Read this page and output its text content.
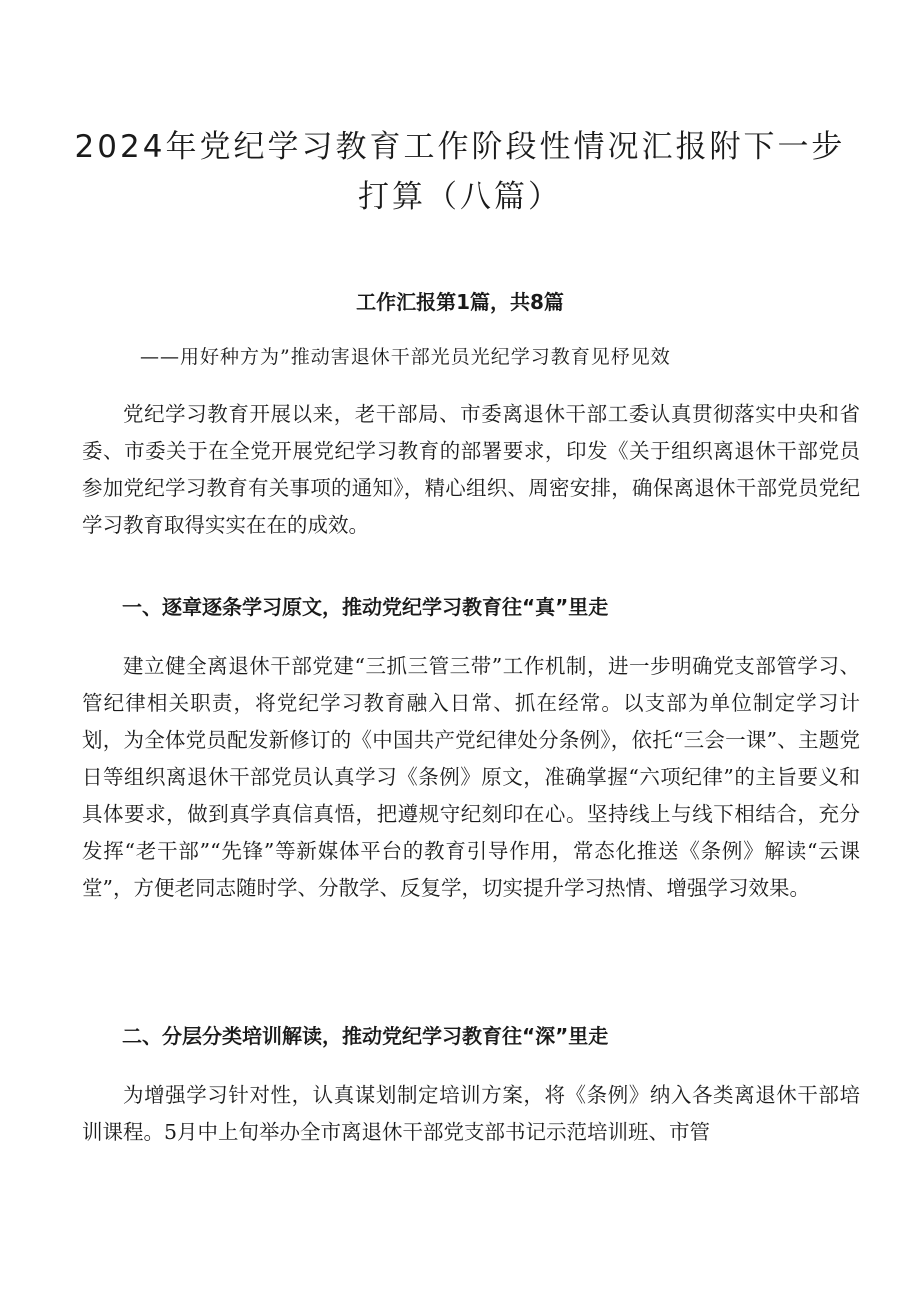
2024年党纪学习教育工作阶段性情况汇报附下一步
打算（八篇）
工作汇报第1篇，共8篇

——用好种方为”推动害退休干部光员光纪学习教育见杼见效

党纪学习教育开展以来，老干部局、市委离退休干部工委认真贯彻落实中央和省委、市委关于在全党开展党纪学习教育的部署要求，印发《关于组织离退休干部党员参加党纪学习教育有关事项的通知》，精心组织、周密安排，确保离退休干部党员党纪学习教育取得实实在在的成效。

一、逐章逐条学习原文，推动党纪学习教育往“真”里走

建立健全离退休干部党建“三抓三管三带”工作机制，进一步明确党支部管学习、管纪律相关职责，将党纪学习教育融入日常、抓在经常。以支部为单位制定学习计划，为全体党员配发新修订的《中国共产党纪律处分条例》，依托“三会一课”、主题党日等组织离退休干部党员认真学习《条例》原文，准确掌握“六项纪律”的主旨要义和具体要求，做到真学真信真悟，把遵规守纪刻印在心。坚持线上与线下相结合，充分发挥“老干部”“先锋”等新媒体平台的教育引导作用，常态化推送《条例》解读“云课堂”，方便老同志随时学、分散学、反复学，切实提升学习热情、增强学习效果。

二、分层分类培训解读，推动党纪学习教育往“深”里走

为增强学习针对性，认真谋划制定培训方案，将《条例》纳入各类离退休干部培训课程。5月中上旬举办全市离退休干部党支部书记示范培训班、市管
